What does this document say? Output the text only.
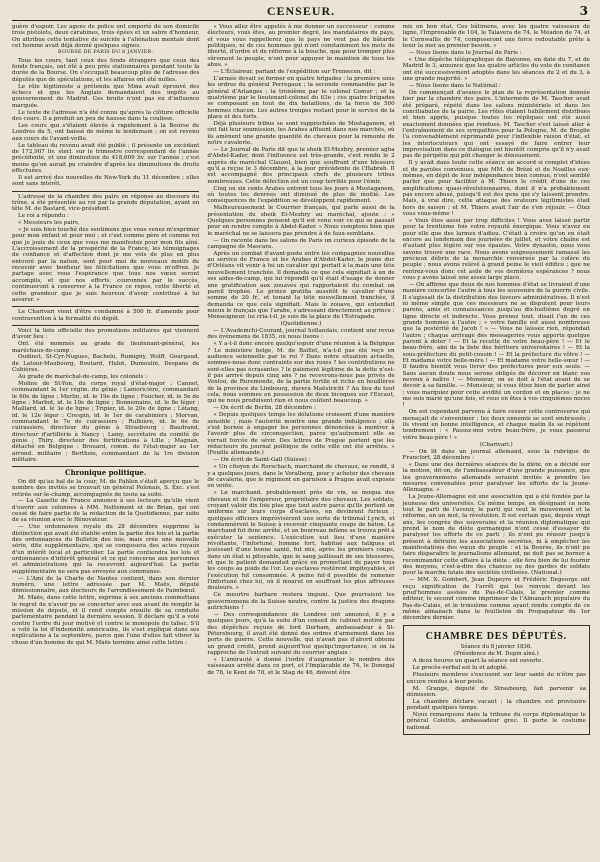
CENSEUR.	3

guère d'espoir. Les agens de police ont emporté de son domicile trois pistolets, deux carabines, trois épées et un sabre d'honneur. On attribue cette tentative de suicide à l'aliénation mentale dont cet homme avait déjà donné quelques signes.

BOURSE DE PARIS DU 8 JANVIER.

Tous les cours, tant ceux des fonds étrangers que ceux des fonds français, ont été à peu près stationnaires pendant toute la durée de la Bourse. On s'occupait beaucoup plus de l'adresse des députés que de spéculations, et les affaires ont été nulles.

Le rôle légitimiste a prétendu que Mina avait éprouvé des échecs et que les Anglais demandaient des impôts au gouvernement de Madrid. Ces bruits n'ont pas eu d'influence marquée.

Le texte de l'adresse n'a été connu qu'après la clôture officielle des cours. Il a produit un peu de hausse dans la coulisse.

Les cours qui s'étaient élevés à rapidement à la Bourse de Londres du 5, ont baissé de même le lendemain ; on est revenu aux cours de l'avant-veille.

Le tableau du revenu avait été publié ; il présente un excédant de 172,907 liv. sterl. sur le trimestre correspondant de l'année précédente, et une diminution de 418,609 liv. sur l'année ; c'est moins qu'on aurait pu craindre d'après les diminutions de droits effectuées.

Il est arrivé des nouvelles de New-York du 11 décembre ; elles sont sans intérêt.

L'adresse de la chambre des pairs en réponse au discours du trône, a été présentée au roi par la grande députation, ayant en tête M. de Bastard, vice-président.

Le roi a répondu :

« Messieurs les pairs,

» Je suis bien touché des sentimens que vous venez m'exprimer pour mon enfant et pour moi ; et c'est comme père et comme roi que je jouis de ceux que vous me manifestez pour mon fils aîné. L'accroissement de la prospérité de la France, les témoignages de confiance et d'affection dont je me vois de plus en plus entouré par la nation, sont pour moi de nouveaux motifs de recevoir avec bonheur les félicitations que vous m'offrez. Je partage avec vous l'espérance que tous nos vœux seront accomplis, et que nos efforts, couronnés par le succès, continueront à conserver à la France ce repos, cette liberté et cette grandeur que je suis heureux d'avoir contribué à lui assurer. »

Le Charivari vient d'être condamné à 500 fr. d'amende pour contravention à la formalité du dépôt.

Voici la liste officielle des promotions militaires qui viennent d'avoir lieu :

Ont été nommés au grade de lieutenant-général, les maréchaux-de-camp :

Oudinot, St-Cyr-Nugues, Bachelu, Rumigny, Wolff, Gourgaud, de Latour-Maubourg, Boutard, Hulot, Dumoulin, Despans de Cubières.

Au grade de maréchal-de-camp, les colonels :

Moline de St-Yon, du corps royal d'état-major ; Cannet, commandant le 1er régim. du génie ; Lamoricière, commandant le 60e de ligne ; Merlin, id. le 19e de ligne ; Foucher, id. le 5e de ligne ; Marbot, id. le 10e de ligne ; Bonnemains, id. le 8e léger ; Maillard, id. le 3e de ligne ; Tripier, id. le 20e de ligne ; Létang, id. le 12e léger ; Crespin, id. le 1er de carabiniers ; Morvan, commandant le 7e de cuirassiers ; Rulhière, id. le 6e de cuirassiers, directeur du génie à Strasbourg ; Baudrand, directeur d'artillerie à Nancy ; Lamy, secrétaire du comité de génie ; Thiry, directeur des fortifications à Lille ; Magnan, détaché en Belgique ; Brouard, comm. de l'état-major au 1er arrond. militaire ; Berthois, commandant de la 1re division militaire.

Chronique politique.

On dit qu'au bal de la cour, M. de Pahlen s'était aperçu que le nombre des invités se trouvait un général Polonais, S. Exc. s'est retirée sur-le-champ, accompagnée de toute sa suite.

— La Gazette de France annonce à ses lecteurs qu'elle vient d'ouvrir aux colonnes à MM. Nettement et de Brian, qui ont cessé de faire partie de la rédaction de la Quotidienne, par suite de sa réunion avec le Rénovateur.

— Une ordonnance royale du 28 décembre supprime la distinction qui avait été établie entre la partie des lois et la partie des ordonnances du Bulletin des lois, mais crée une nouvelle série, dite supplémentaire, qui se composera des actes royaux d'un intérêt local et particulier. La partie contiendra les lois et ordonnances d'intérêt général et ce qui concerne aux personnes et administrations qui la recevront aujourd'hui. La partie supplémentaire ne sera pas envoyée aux communes.

— L'Ami de la Charte de Nantes contient, dans son dernier numéro, une lettre adressée par M. Maës, député démissionnaire, aux électeurs de l'arrondissement de Paimbœuf.

M. Maës, dans cette lettre, exprime à ses anciens commettans le regret de n'avoir pu se concerter avec eux avant de remplir la mission de député, et il rend compte ensuite de sa conduite parlementaire pendant la dernière session. Il déclare qu'il a voté contre l'ordre du jour motivé et contre le monopole du tabac. S'il a voté la loi d'indemnité américaine, ils s'est expliqué dans ses explications à la septembre, parce que l'une d'elles fait vibrer la chose d'un homme de qui M. Maës termine ainsi cette lettre :

« Vous allez être appelés à me donner un successeur : comme électeurs, vous êtes, au premier degré, les mandataires du pays, et vous vous rappellerez que le pays ne veut pas de bâtards politiques, ni de ces hommes qui n'ont constamment les mots de liberté, d'ordre et de réforme à la bouche, que pour tromper plus sûrement le peuple, n'ont pour appuyer le maintien de tous les abus. »

— L'Éclaireur, parlant de l'expédition sur Tremecen, dit :

L'armée devait se former en quatre brigades : la première sous les ordres du général Perregaux ; la seconde commandée par le général d'Arlanges ; la troisième par le colonel Comur ; et la quatrième par le lieutenant-colonel du 63e ; ces quatre brigades se composant en tout de dix bataillons, de la force de 500 hommes chacun. Les autres troupes restant pour le service de la place et des forts.

Déjà plusieurs tribus se sont rapprochées de Mostaganem, et ont fait leur soumission, les Arabes affluent dans nos marchés, où ils amènent une grande quantité de chevaux pour la remonte de notre cavalerie.

— Le Journal de Paris dit que le sheik El-Mezhry, premier agha d'Abdel-Kader, dont l'influence est très-grande, s'est rendu le 2 auprès du maréchal Clauzel, bien que souffrant d'une blessure qu'il a reçue le 3 décembre, à la jour précédente de l'Habrah. Il est accompagné des principaux chefs de plusieurs tribus nombreuses. Cette défection est un coup terrible pour l'émir.

Cinq ou six cents Arabes entrent tous les jours à Mostaganem, où toutes les denrées ont diminué de plus de moitié. Les conséquences de l'expédition se développent rapidement.

Malheureusement le Courrier français, qui parle aussi de la présentation du sheik El-Mezhry au maréchal, ajoute : « Quelques personnes pensent qu'il est venu voir ce qui se passait pour en rendre compte à Abdel-Kader. » Nous comptons bien que le maréchal ne se laissera pas prendre à de faux-semblans.

— On raconte dans les salons de Paris un curieux épisode de la campagne de Mascara.

Après un combat d'avant-poste entre les compagnies nouvelles au service de France et les Arabes d'Abdel-Kader, le jeune duc d'Orléans vit venir à lui un cavalier qui portait à la main une tête nouvellement tranchée. Il demanda ce que cela signifiait à un de ses aides-de-camp, qui lui répondit qu'il était d'usage de donner une gratification aux zouaves qui rapportaient du combat un pareil trophée. Le prince gratifia aussitôt le cavalier d'une somme de 20 fr., et tenant la tête nouvellement tranchée, il demanda ce que cela signifiait. Mais le zouave, qui entendait mieux le français que l'arabe, s'adressant directement au prince : Monseigneur, lui cria-t-il, je suis de la place de l'Estrapade.

(Quotidienne.)

— L'Avademchi-Courant, journal hollandais, contient une revue des évènemens de 1835, où nous lisons :

« Y a-t-il donc encore quelqu'espoir d'une réunion à la Belgique ? Le ministère belge, M. de Baillet, n'a-t-il pas été reçu en audience solennelle par le roi ? Dans notre situation actuelle, sommes-nous donc contraints sur des roses ? les contributions ne sont-elles pas écrasantes ? le paiement légitime de la dette n'est-il pas arrivé depuis cinq ans ? ne recevrons-nous pas privés de Venloo, de Ruremonde, de la partie fertile et riche en houillères de la province du Limbourg, durera Maëstricht ? Au lieu de tout cela, nous sommes en possession de deux bicoques sur l'Escaut, qui ne nous produisent rien et nous coûtent beaucoup. »

— On écrit de Berlin, 28 décembre :

« Depuis quelques temps les délations croissent d'une manière sensible ; mais l'autorité montre une grande indulgence ; elle s'est bornée à engager les personnes dénoncées à montrer à l'avenir plus de circonspection, parce qu'autrement elle se verrait forcée de sévir. Des lettres de Prague portent que les rédacteurs du journal politique de cette ville ont été arrêtés. » (Feuille allemande.)

— On écrit de Saint-Gall (Suisse) :

« Un citoyen de Rorschach, marchand de chevaux, se rendit, il y a quelques jours, dans le Voralberg, pour y acheter des chevaux de cavalerie, que le régiment en garnison à Prague avait exposés en vente.

» Le marchand, probablement près de vin, se moqua des chevaux et de l'empereur, propriétaire des chevaux. Les soldats, croyant valoir dix fois plus que tout autre parce qu'ils portent un uniforme sur leurs corps d'esclaves, en devinrent furieux ; quelques officiers improvisèrent une sorte de tribunal Lynch, et condamnèrent le Suisse à recevoir cinquante coups de bâton. Le marchand fut donc arrêté, et un bourreau infâme se trouva prêt à exécuter la sentence. L'exécution eut lieu d'une manière révoltante, l'infortuné, homme fort, habitué aux fatigues et jouissant d'une bonne santé, fut mis, après les premiers coups, dans un état si pitoyable, que le sang jaillissait de ses blessures, et que le patient demandait grâce en promettant de payer tous les coups au poids de l'or. Les esclaves restèrent impitoyables, et l'exécution fut consommée. A peine fut-il possible de ramener l'infortuné chez lui, où il mourut en souffrant les plus affreuses douleurs. »

Ce meurtre barbare restera impuni. Que pourraient les gouvernemens de la Suisse neutre, contre la justice des dragons autrichiens !

— Des correspondances de Londres ont annoncé, il y a quelques jours, qu'à la suite d'un conseil de cabinet motivé par des dépêches reçues de lord Durham, ambassadeur à St-Pétersbourg, il avait été donné des ordres d'armement dans les ports de guerre. Cette nouvelle, qui n'avait pas d'abord obtenu un grand crédit, prend aujourd'hui quelqu'importance, si on la rapproche de l'extrait suivant du courrier anglais :

« L'amirauté a donné l'ordre d'augmenter le nombre des vaisseaux arrêté dans ce port, et l'Implacable de 74, le Donegal de 78, le Kent de 78, et le Stag de 46, doivent être

mis en bon état. Ces bâtimens, avec les quatre vaisseaux de ligne, l'Imprenable de 104, le Talavera de 74, le Meadon de 74, et le Cornwallis de 74, composeront une force redoutable prête à tenir la mer au premier besoin. »

— Nous lisons dans le Journal de Paris :

« Une dépêche télégraphique de Bayonne, en date du 7, et de Madrid le 3, annonce que les quatre articles du vote de confiance ont été successivement adoptés dans les séances du 2 et du 3, à une grande majorité. »

— Nous lisons dans le National :

On commençait d'avance le plan de la représentation donnée hier par la chambre des pairs. L'intermède de M. Tascher avait été préparé, répété dans les salons ministériels et dans les conciliabules de la pairie. Les rôles étaient habilement distribués et bien appris, puisque toutes les répliques ont été aussi exactement données que rendues. M. Tascher s'est laissé aller à l'entraînement de ses sympathies pour la Pologne, M. de Broglie l'a convenablement réprimandé pour l'inflexible raison d'état, et les interlocuteurs qui ont essayé de faire entrer leur improvisation dans ce dialogue ont bientôt compris qu'il n'y avait pas de péripétie qui pût changer le dénouement.

Il y avait dans toute cette séance un accord si complet d'idées et de paroles convenues, que MM. de Brézé et de Noailles eux-mêmes, en dépit de leur indépendance bien connue, n'ont semblé parler que pour faciliter à M. Thiers le crédit d'une de ces amplifications quasi-révolutionnaires, dont il n'a probablement pas encore abusé, puisqu'il est des gens qui s'y laissent prendre. Mais, à vrai dire, cette attaque des orateurs légitimistes était hors de saison ; et M. Thiers avait l'air de s'en réjouir. — Ôtez vous vous-même !

» Vous êtes aussi par trop difficiles ! Vous avez laissé partir pour la trentième fois votre royauté énergique. Vous n'avez eu pour elle que des larmes d'adieu. C'était à croire qu'on en était encore au lendemain des journées de juillet, et votre chaîne est d'autant plus légère sur vos épaules. Votre dynastie, nous vous savons trouvé une race. Nous avons soigneusement ramassé les précieux débris de la monarchie renversée par la colère du peuple ; nous avons relevé à grand peine le vieil édifice ; que ne rentrez-vous donc cet asile de vos dernières espérances ? nous vous y avons laissé une assez large place.

— On affirme que deux de nos hommes d'état se livraient d'une manière concertée l'autre à tous les souvenirs de la guerre civile. Il s'agissait de la distribution des faveurs administratives. Il n'est ni même simple que ces messieurs ne se disputent pour leurs parens, amis et connaissances jusqu'au dix-huitième degré en ligne directe et indirecte. Vous prenez tout, disait l'un de ces grands hommes à l'autre ; « votre famille est aussi nombreuse que la postérité de Jacob ! » — Vous ne laissez rien, répondait l'autre ; chaque arrivage des messageries vous apporte quelque parent à doter ! — Et la recette de votre beau-père ! — Et le beau-frère, ami de la liste des héritiers universitaires ! — Et la sous-préfecture du petit-cousin ! — Et la préfecture du vôtre ! — Et madame votre belle-mère ! — Et madame votre belle-sœur ! — Il faudra bientôt vous livrer des préfectures pour eux seuls. — Sans aucun doute nous serons obligés de décorer en blanc vos neveux à naître ! — Monsieur, on se doit à l'état avant de se devoir à sa famille. — Monsieur, si vous êtiez bien de parler ainsi : vous marquiez pour cette avidité un cordon et en places : je ne me suis marié qu'une fois, et vous en êtes à vos cinquièmes noces !

On est cependant parvenu à faire cesser cette controverse qui menaçait de s'envenimer ; les deux ennemis se sont embrassés ; ils vivent en bonne intelligence, et chaque matin ils se répètent tendrement : « Passez-moi votre beau-frère, je vous passerai votre beau-père ! »

(Charivari.)

— On lit dans un journal allemand, sous la rubrique de Francfort, 28 décembre :

« Dans une des dernières séances de la diète, on a décidé sur la motion, dit-on, de l'ambassadeur d'une grande puissance, que les gouvernemens allemands seraient invités à prendre les mesures convenables pour paralyser les efforts de la Jeune-Allemagne. »

La Jeune-Allemagne est une association qui a été fondée par la jeunesse des universités. Ce même temps, en désignant ce nom tout le parti de l'avenir, le parti qui veut le mouvement et la réforme, en un mot, la révolution. Il est certain que, depuis vingt ans, les congrès des souverains et la réunion diplomatique qui prend le nom de diète germanique n'ont cessé d'essayer de paralyser les efforts de ce parti ; ils n'ont pu réussir jusqu'à présent à détruire les associations secrètes, ni à empêcher les manifestations des vœux du peuple : et la Bourse, ils n'ont pu faire disparaître le journalisme allemand, ne doit pas se borner à recommander cette affaire à la diète : elle fera bien de lui fournir des moyens, c'est-à-dire des chances ou des gardes de soldats pour la marche fatale des sociétés civilisées. (National.)

— MM. X. Gombert, Jean Dupeyre et Frédéric Degeorge ont reçu signification de l'arrêt qui les renvoie devant les prud'hommes assises du Pas-de-Calais, le premier comme éditeur, le second comme imprimeur de l'Almanach populaire du Pas-de-Calais, et le troisième comme ayant rendu compte de ce même almanach dans le feuilleton du Propagateur du 1er décembre dernier.

CHAMBRE DES DÉPUTÉS.
Séance du 8 janvier 1836.
(Présidence de M. Dupin aîné.)

A deux heures un quart la séance est ouverte.

Le procès-verbal est lu et adopté.

Plusieurs membres s'excusent sur leur santé de n'être pas encore rendus à leur poste.

M. Grange, député de Strasbourg, fait parvenir sa démission.

La chambre déclare vacant ; la chambre est provisoire pendant quelques temps.

Nous remarquons dans la tribune du corps diplomatique le général Colettis, ambassadeur grec. Il porte le costume national.
